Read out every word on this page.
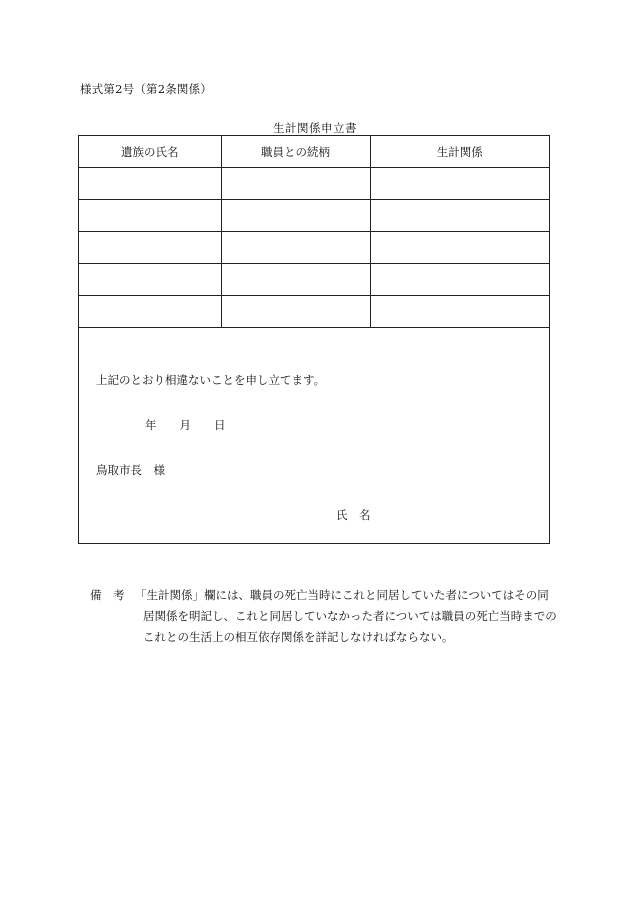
様式第2号（第2条関係）
生計関係申立書
遺族の氏名	職員との続柄	生計関係

上記のとおり相違ないことを申し立てます。
年　　月　　日
鳥取市長　様
氏　名
備　考 「生計関係」欄には、職員の死亡当時にこれと同居していた者についてはその同居関係を明記し、これと同居していなかった者については職員の死亡当時までのこれとの生活上の相互依存関係を詳記しなければならない。
